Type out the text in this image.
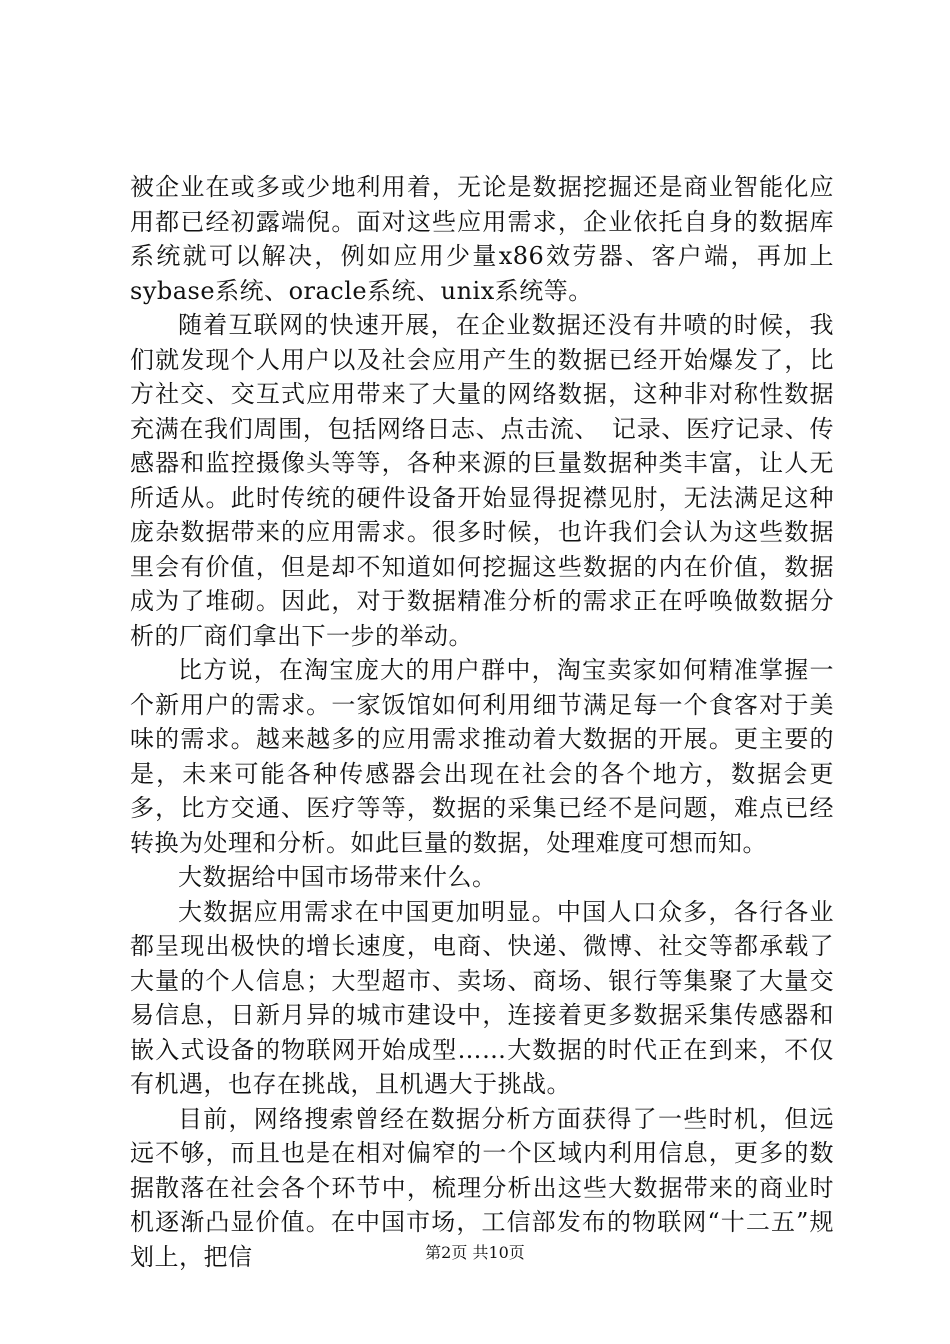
被企业在或多或少地利用着，无论是数据挖掘还是商业智能化应用都已经初露端倪。面对这些应用需求，企业依托自身的数据库系统就可以解决，例如应用少量x86效劳器、客户端，再加上sybase系统、oracle系统、unix系统等。

随着互联网的快速开展，在企业数据还没有井喷的时候，我们就发现个人用户以及社会应用产生的数据已经开始爆发了，比方社交、交互式应用带来了大量的网络数据，这种非对称性数据充满在我们周围，包括网络日志、点击流、　记录、医疗记录、传感器和监控摄像头等等，各种来源的巨量数据种类丰富，让人无所适从。此时传统的硬件设备开始显得捉襟见肘，无法满足这种庞杂数据带来的应用需求。很多时候，也许我们会认为这些数据里会有价值，但是却不知道如何挖掘这些数据的内在价值，数据成为了堆砌。因此，对于数据精准分析的需求正在呼唤做数据分析的厂商们拿出下一步的举动。

比方说，在淘宝庞大的用户群中，淘宝卖家如何精准掌握一个新用户的需求。一家饭馆如何利用细节满足每一个食客对于美味的需求。越来越多的应用需求推动着大数据的开展。更主要的是，未来可能各种传感器会出现在社会的各个地方，数据会更多，比方交通、医疗等等，数据的采集已经不是问题，难点已经转换为处理和分析。如此巨量的数据，处理难度可想而知。

大数据给中国市场带来什么。

大数据应用需求在中国更加明显。中国人口众多，各行各业都呈现出极快的增长速度，电商、快递、微博、社交等都承载了大量的个人信息；大型超市、卖场、商场、银行等集聚了大量交易信息，日新月异的城市建设中，连接着更多数据采集传感器和嵌入式设备的物联网开始成型……大数据的时代正在到来，不仅有机遇，也存在挑战，且机遇大于挑战。

目前，网络搜索曾经在数据分析方面获得了一些时机，但远远不够，而且也是在相对偏窄的一个区域内利用信息，更多的数据散落在社会各个环节中，梳理分析出这些大数据带来的商业时机逐渐凸显价值。在中国市场，工信部发布的物联网“十二五”规划上，把信	第2页 共10页
